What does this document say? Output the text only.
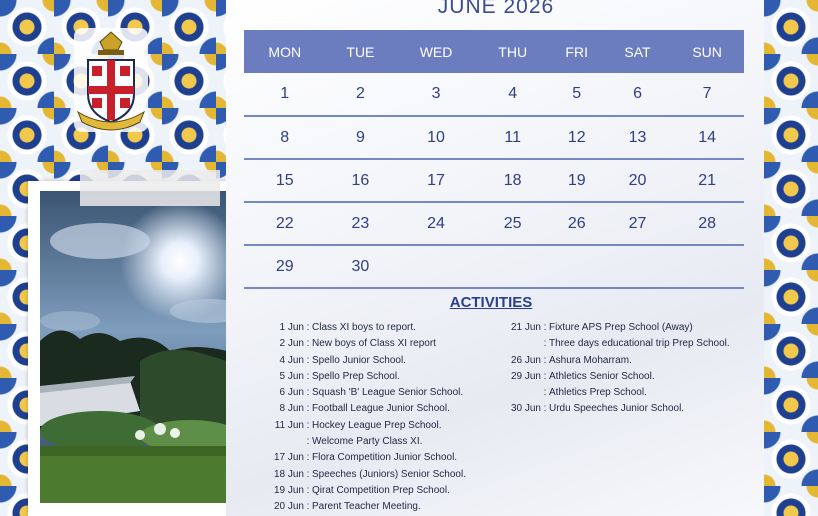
JUNE 2026
MON	TUE	WED	THU	FRI	SAT	SUN
1	2	3	4	5	6	7
8	9	10	11	12	13	14
15	16	17	18	19	20	21
22	23	24	25	26	27	28
29	30					
ACTIVITIES
1 Jun : Class XI boys to report.
2 Jun : New boys of Class XI report
4 Jun : Spello Junior School.
5 Jun : Spello Prep School.
6 Jun : Squash 'B' League Senior School.
8 Jun : Football League Junior School.
11 Jun : Hockey League Prep School.
: Welcome Party Class XI.
17 Jun : Flora Competition Junior School.
18 Jun : Speeches (Juniors) Senior School.
19 Jun : Qirat Competition Prep School.
20 Jun : Parent Teacher Meeting.
21 Jun : Fixture APS Prep School (Away)
: Three days educational trip Prep School.
26 Jun : Ashura Moharram.
29 Jun : Athletics Senior School.
: Athletics Prep School.
30 Jun : Urdu Speeches Junior School.
